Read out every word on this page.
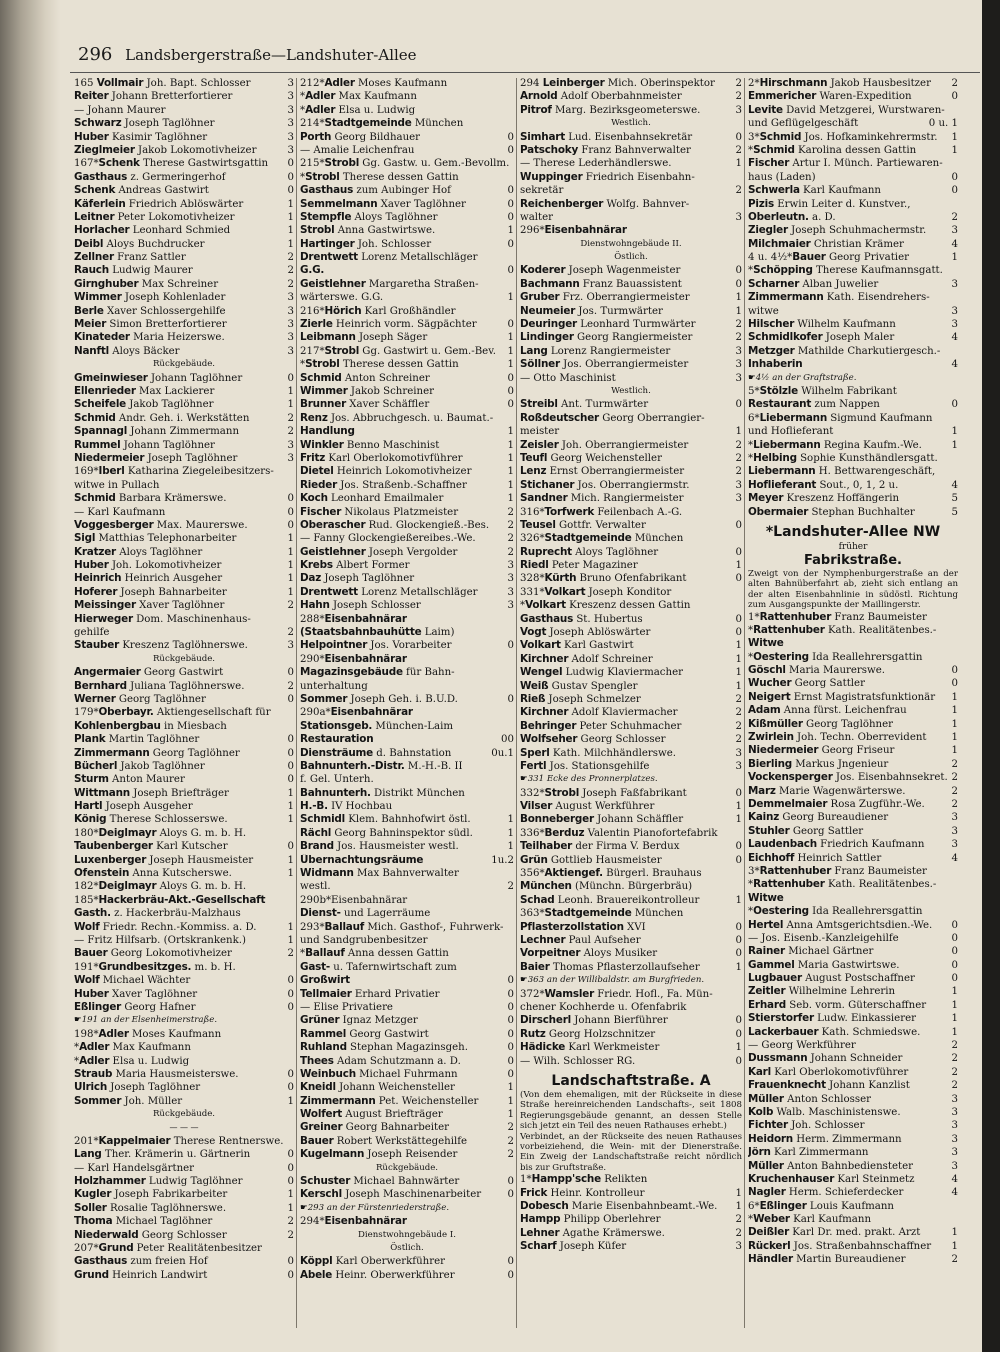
296 Landsbergerstraße—Landshuter-Allee
165 Vollmair Joh. Bapt. Schlosser	3
Reiter Johann Bretterfortierer	3
— Johann Maurer	3
Schwarz Joseph Taglöhner	3
Huber Kasimir Taglöhner	3
Zieglmeier Jakob Lokomotivheizer	3
167*Schenk Therese Gastwirtsgattin	0
Gasthaus z. Germeringerhof	0
Schenk Andreas Gastwirt	0
Käferlein Friedrich Ablöswärter	1
Leitner Peter Lokomotivheizer	1
Horlacher Leonhard Schmied	1
Deibl Aloys Buchdrucker	1
Zellner Franz Sattler	2
Rauch Ludwig Maurer	2
Girnghuber Max Schreiner	2
Wimmer Joseph Kohlenlader	3
Berle Xaver Schlossergehilfe	3
Meier Simon Bretterfortierer	3
Kinateder Maria Heizerswe.	3
Nanftl Aloys Bäcker	3
Rückgebäude.
Gmeinwieser Johann Taglöhner	0
Ellenrieder Max Lackierer	1
Scheifele Jakob Taglöhner	1
Schmid Andr. Geh. i. Werkstätten	2
Spannagl Johann Zimmermann	2
Rummel Johann Taglöhner	3
Niedermeier Joseph Taglöhner	3
169*Iberl Katharina Ziegeleibesitzers-
witwe in Pullach
Schmid Barbara Krämerswe.	0
— Karl Kaufmann	0
Voggesberger Max. Maurerswe.	0
Sigl Matthias Telephonarbeiter	1
Kratzer Aloys Taglöhner	1
Huber Joh. Lokomotivheizer	1
Heinrich Heinrich Ausgeher	1
Hoferer Joseph Bahnarbeiter	1
Meissinger Xaver Taglöhner	2
Hierweger Dom. Maschinenhaus-
gehilfe	2
Stauber Kreszenz Taglöhnerswe.	3
Rückgebäude.
Angermaier Georg Gastwirt	0
Bernhard Juliana Taglöhnerswe.	2
Werner Georg Taglöhner	0
179*Oberbayr. Aktiengesellschaft für
Kohlenbergbau in Miesbach
Plank Martin Taglöhner	0
Zimmermann Georg Taglöhner	0
Bücherl Jakob Taglöhner	0
Sturm Anton Maurer	0
Wittmann Joseph Briefträger	1
Hartl Joseph Ausgeher	1
König Therese Schlosserswe.	1
180*Deiglmayr Aloys G. m. b. H.
Taubenberger Karl Kutscher	0
Luxenberger Joseph Hausmeister	1
Ofenstein Anna Kutscherswe.	1
182*Deiglmayr Aloys G. m. b. H.
185*Hackerbräu-Akt.-Gesellschaft
Gasth. z. Hackerbräu-Malzhaus
Wolf Friedr. Rechn.-Kommiss. a. D.	1
— Fritz Hilfsarb. (Ortskrankenk.)	1
Bauer Georg Lokomotivheizer	2
191*Grundbesitzges. m. b. H.
Wolf Michael Wächter	0
Huber Xaver Taglöhner	0
Eßlinger Georg Hafner	0
☛ 191 an der Elsenheimerstraße.
198*Adler Moses Kaufmann
*Adler Max Kaufmann
*Adler Elsa u. Ludwig
Straub Maria Hausmeisterswe.	0
Ulrich Joseph Taglöhner	0
Sommer Joh. Müller	1
Rückgebäude.
— — —
201*Kappelmaier Therese Rentnerswe.
Lang Ther. Krämerin u. Gärtnerin	0
— Karl Handelsgärtner	0
Holzhammer Ludwig Taglöhner	0
Kugler Joseph Fabrikarbeiter	1
Soller Rosalie Taglöhnerswe.	1
Thoma Michael Taglöhner	2
Niederwald Georg Schlosser	2
207*Grund Peter Realitätenbesitzer
Gasthaus zum freien Hof	0
Grund Heinrich Landwirt	0
212*Adler Moses Kaufmann
*Adler Max Kaufmann
*Adler Elsa u. Ludwig
214*Stadtgemeinde München
Porth Georg Bildhauer	0
— Amalie Leichenfrau	0
215*Strobl Gg. Gastw. u. Gem.-Bevollm.
*Strobl Therese dessen Gattin
Gasthaus zum Aubinger Hof	0
Semmelmann Xaver Taglöhner	0
Stempfle Aloys Taglöhner	0
Strobl Anna Gastwirtswe.	1
Hartinger Joh. Schlosser	0
Drentwett Lorenz Metallschläger
G.G.	0
Geistlehner Margaretha Straßen-
wärterswe. G.G.	1
216*Hörich Karl Großhändler
Zierle Heinrich vorm. Sägpächter	0
Leibmann Joseph Säger	1
217*Strobl Gg. Gastwirt u. Gem.-Bev.	1
*Strobl Therese dessen Gattin	1
Schmid Anton Schreiner	0
Wimmer Jakob Schreiner	0
Brunner Xaver Schäffler	0
Renz Jos. Abbruchgesch. u. Baumat.-
Handlung	1
Winkler Benno Maschinist	1
Fritz Karl Oberlokomotivführer	1
Dietel Heinrich Lokomotivheizer	1
Rieder Jos. Straßenb.-Schaffner	1
Koch Leonhard Emailmaler	1
Fischer Nikolaus Platzmeister	2
Oberascher Rud. Glockengieß.-Bes.	2
— Fanny Glockengießereibes.-We.	2
Geistlehner Joseph Vergolder	2
Krebs Albert Former	3
Daz Joseph Taglöhner	3
Drentwett Lorenz Metallschläger	3
Hahn Joseph Schlosser	3
288*Eisenbahnärar
(Staatsbahnbauhütte Laim)
Helpointner Jos. Vorarbeiter	0
290*Eisenbahnärar
Magazinsgebäude für Bahn-
unterhaltung
Sommer Joseph Geh. i. B.U.D.	0
290a*Eisenbahnärar
Stationsgeb. München-Laim
Restauration	00
Diensträume d. Bahnstation	0u.1
Bahnunterh.-Distr. M.-H.-B. II
f. Gel. Unterh.
Bahnunterh. Distrikt München
H.-B. IV Hochbau
Schmidl Klem. Bahnhofwirt östl.	1
Rächl Georg Bahninspektor südl.	1
Brand Jos. Hausmeister westl.	1
Übernachtungsräume	1u.2
Widmann Max Bahnverwalter
westl.	2
290b*Eisenbahnärar
Dienst- und Lagerräume
293*Ballauf Mich. Gasthof-, Fuhrwerk-
und Sandgrubenbesitzer
*Ballauf Anna dessen Gattin
Gast- u. Tafernwirtschaft zum
Großwirt	0
Tellmaier Erhard Privatier	0
— Elise Privatiere	0
Grüner Ignaz Metzger	0
Rammel Georg Gastwirt	0
Ruhland Stephan Magazinsgeh.	0
Thees Adam Schutzmann a. D.	0
Weinbuch Michael Fuhrmann	0
Kneidl Johann Weichensteller	1
Zimmermann Pet. Weichensteller	1
Wolfert August Briefträger	1
Greiner Georg Bahnarbeiter	2
Bauer Robert Werkstättegehilfe	2
Kugelmann Joseph Reisender	2
Rückgebäude.
Schuster Michael Bahnwärter	0
Kerschl Joseph Maschinenarbeiter	0
☛ 293 an der Fürstenriederstraße.
294*Eisenbahnärar
Dienstwohngebäude I.
Östlich.
Köppl Karl Oberwerkführer	0
Abele Heinr. Oberwerkführer	0
294 Leinberger Mich. Oberinspektor	2
Arnold Adolf Oberbahnmeister	2
Pitrof Marg. Bezirksgeometerswe.	3
Westlich.
Simhart Lud. Eisenbahnsekretär	0
Patschoky Franz Bahnverwalter	2
— Therese Lederhändlerswe.	1
Wuppinger Friedrich Eisenbahn-
sekretär	2
Reichenberger Wolfg. Bahnver-
walter	3
296*Eisenbahnärar
Dienstwohngebäude II.
Östlich.
Koderer Joseph Wagenmeister	0
Bachmann Franz Bauassistent	0
Gruber Frz. Oberrangiermeister	1
Neumeier Jos. Turmwärter	1
Deuringer Leonhard Turmwärter	2
Lindinger Georg Rangiermeister	2
Lang Lorenz Rangiermeister	3
Söllner Jos. Oberrangiermeister	3
— Otto Maschinist	3
Westlich.
Streibl Ant. Turmwärter	0
Roßdeutscher Georg Oberrangier-
meister	1
Zeisler Joh. Oberrangiermeister	2
Teufl Georg Weichensteller	2
Lenz Ernst Oberrangiermeister	2
Stichaner Jos. Oberrangiermstr.	3
Sandner Mich. Rangiermeister	3
316*Torfwerk Feilenbach A.-G.
Teusel Gottfr. Verwalter	0
326*Stadtgemeinde München
Ruprecht Aloys Taglöhner	0
Riedl Peter Magaziner	1
328*Kürth Bruno Ofenfabrikant	0
331*Volkart Joseph Konditor
*Volkart Kreszenz dessen Gattin
Gasthaus St. Hubertus	0
Vogt Joseph Ablöswärter	0
Volkart Karl Gastwirt	1
Kirchner Adolf Schreiner	1
Wengel Ludwig Klaviermacher	1
Weiß Gustav Spengler	1
Rieß Joseph Schmelzer	2
Kirchner Adolf Klaviermacher	2
Behringer Peter Schuhmacher	2
Wolfseher Georg Schlosser	2
Sperl Kath. Milchhändlerswe.	3
Fertl Jos. Stationsgehilfe	3
☛ 331 Ecke des Pronnerplatzes.
332*Strobl Joseph Faßfabrikant	0
Vilser August Werkführer	1
Bonneberger Johann Schäffler	1
336*Berduz Valentin Pianofortefabrik
Teilhaber der Firma V. Berdux	0
Grün Gottlieb Hausmeister	0
356*Aktiengef. Bürgerl. Brauhaus
München (Münchn. Bürgerbräu)
Schad Leonh. Brauereikontrolleur	1
363*Stadtgemeinde München
Pflasterzollstation XVI	0
Lechner Paul Aufseher	0
Vorpeitner Aloys Musiker	0
Baier Thomas Pflasterzollaufseher	1
☛ 363 an der Willibaldstr. am Burgfrieden.
372*Wamsler Friedr. Hofl., Fa. Mün-
chener Kochherde u. Ofenfabrik
Dirscherl Johann Bierführer	0
Rutz Georg Holzschnitzer	0
Hädicke Karl Werkmeister	1
— Wilh. Schlosser RG.	0
Landschaftstraße. A
(Von dem ehemaligen, mit der Rückseite in diese Straße hereinreichenden Landschafts-, seit 1808 Regierungsgebäude genannt, an dessen Stelle sich jetzt ein Teil des neuen Rathauses erhebt.)
Verbindet, an der Rückseite des neuen Rathauses vorbeiziehend, die Wein- mit der Dienerstraße. Ein Zweig der Landschaftstraße reicht nördlich bis zur Gruftstraße.
1*Hampp'sche Relikten
Frick Heinr. Kontrolleur	1
Dobesch Marie Eisenbahnbeamt.-We.	1
Hampp Philipp Oberlehrer	2
Lehner Agathe Krämerswe.	2
Scharf Joseph Küfer	3
2*Hirschmann Jakob Hausbesitzer	2
Emmericher Waren-Expedition	0
Levite David Metzgerei, Wurstwaren-
und Geflügelgeschäft	0 u. 1
3*Schmid Jos. Hofkaminkehrermstr.	1
*Schmid Karolina dessen Gattin	1
Fischer Artur I. Münch. Partiewaren-
haus (Laden)	0
Schwerla Karl Kaufmann	0
Pizis Erwin Leiter d. Kunstver.,
Oberleutn. a. D.	2
Ziegler Joseph Schuhmachermstr.	3
Milchmaier Christian Krämer	4
4 u. 4½*Bauer Georg Privatier	1
*Schöpping Therese Kaufmannsgatt.
Scharner Alban Juwelier	3
Zimmermann Kath. Eisendrehers-
witwe	3
Hilscher Wilhelm Kaufmann	3
Schmidlkofer Joseph Maler	4
Metzger Mathilde Charkutiergesch.-
Inhaberin	4
☛ 4½ an der Graftstraße.
5*Stölzle Wilhelm Fabrikant
Restaurant zum Nappen	0
6*Liebermann Sigmund Kaufmann
und Hoflieferant	1
*Liebermann Regina Kaufm.-We.	1
*Helbing Sophie Kunsthändlersgatt.
Liebermann H. Bettwarengeschäft,
Hoflieferant Sout., 0, 1, 2 u.	4
Meyer Kreszenz Hoffängerin	5
Obermaier Stephan Buchhalter	5
*Landshuter-Allee NW
früher
Fabrikstraße.
Zweigt von der Nymphenburgerstraße an der alten Bahnüberfahrt ab, zieht sich entlang an der alten Eisenbahnlinie in südöstl. Richtung zum Ausgangspunkte der Maillingerstr.
1*Rattenhuber Franz Baumeister
*Rattenhuber Kath. Realitätenbes.-
Witwe
*Oestering Ida Reallehrersgattin
Göschl Maria Maurerswe.	0
Wucher Georg Sattler	0
Neigert Ernst Magistratsfunktionär	1
Adam Anna fürst. Leichenfrau	1
Kißmüller Georg Taglöhner	1
Zwirlein Joh. Techn. Oberrevident	1
Niedermeier Georg Friseur	1
Bierling Markus Jngenieur	2
Vockensperger Jos. Eisenbahnsekret. 2
Marz Marie Wagenwärterswe.	2
Demmelmaier Rosa Zugführ.-We.	2
Kainz Georg Bureaudiener	3
Stuhler Georg Sattler	3
Laudenbach Friedrich Kaufmann	3
Eichhoff Heinrich Sattler	4
3*Rattenhuber Franz Baumeister
*Rattenhuber Kath. Realitätenbes.-
Witwe
*Oestering Ida Reallehrersgattin
Hertel Anna Amtsgerichtsdien.-We.	0
— Jos. Eisenb.-Kanzleigehilfe	0
Rainer Michael Gärtner	0
Gammel Maria Gastwirtswe.	0
Lugbauer August Postschaffner	0
Zeitler Wilhelmine Lehrerin	1
Erhard Seb. vorm. Güterschaffner	1
Stierstorfer Ludw. Einkassierer	1
Lackerbauer Kath. Schmiedswe.	1
— Georg Werkführer	2
Dussmann Johann Schneider	2
Karl Karl Oberlokomotivführer	2
Frauenknecht Johann Kanzlist	2
Müller Anton Schlosser	3
Kolb Walb. Maschinistenswe.	3
Fichter Joh. Schlosser	3
Heidorn Herm. Zimmermann	3
Jörn Karl Zimmermann	3
Müller Anton Bahnbediensteter	3
Kruchenhauser Karl Steinmetz	4
Nagler Herm. Schieferdecker	4
6*Eßlinger Louis Kaufmann
*Weber Karl Kaufmann
Deißler Karl Dr. med. prakt. Arzt	1
Rückerl Jos. Straßenbahnschaffner	1
Händler Martin Bureaudiener	2
